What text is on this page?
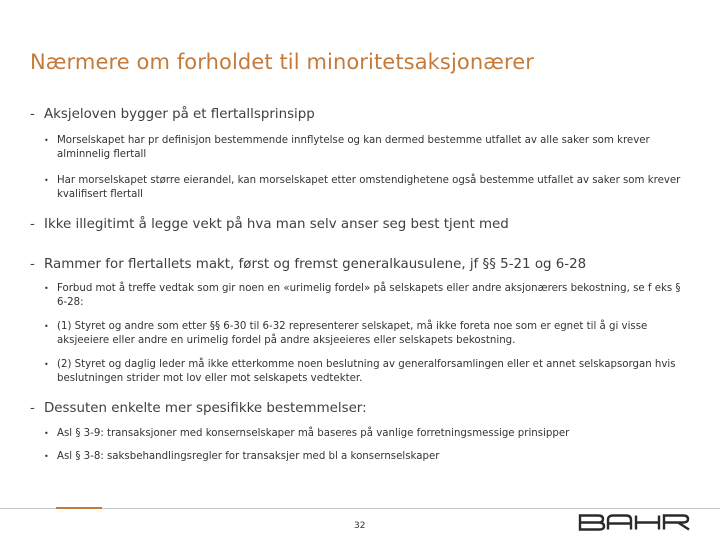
Nærmere om forholdet til minoritetsaksjonærer
- Aksjeloven bygger på et flertallsprinsipp
• Morselskapet har pr definisjon bestemmende innflytelse og kan dermed bestemme utfallet av alle saker som krever alminnelig flertall
• Har morselskapet større eierandel, kan morselskapet etter omstendighetene også bestemme utfallet av saker som krever kvalifisert flertall
- Ikke illegitimt å legge vekt på hva man selv anser seg best tjent med
- Rammer for flertallets makt, først og fremst generalkausulene, jf §§ 5-21 og 6-28
• Forbud mot å treffe vedtak som gir noen en «urimelig fordel» på selskapets eller andre aksjonærers bekostning, se f eks § 6-28:
• (1) Styret og andre som etter §§ 6-30 til 6-32 representerer selskapet, må ikke foreta noe som er egnet til å gi visse aksjeeiere eller andre en urimelig fordel på andre aksjeeieres eller selskapets bekostning.
• (2) Styret og daglig leder må ikke etterkomme noen beslutning av generalforsamlingen eller et annet selskapsorgan hvis beslutningen strider mot lov eller mot selskapets vedtekter.
- Dessuten enkelte mer spesifikke bestemmelser:
• Asl § 3-9: transaksjoner med konsernselskaper må baseres på vanlige forretningsmessige prinsipper
• Asl § 3-8: saksbehandlingsregler for transaksjer med bl a konsernselskaper
32
